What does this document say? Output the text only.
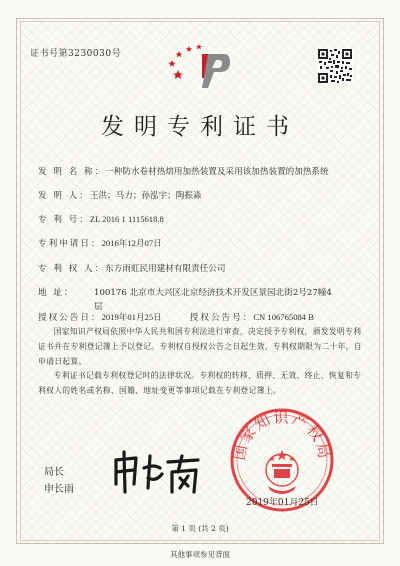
证书号第3230030号
发明专利证书
发 明 名 称：一种防水卷材热熔用加热装置及采用该加热装置的加热系统
发 明 人：王洪；马力；孙泓宇；陶振淼
专 利 号：ZL 2016 1 1115618.8
专利申请日：2016年12月07日
专 利 权 人：东方雨虹民用建材有限责任公司
地 址： 100176 北京市大兴区北京经济技术开发区景园北街2号27幢4层
授权公告日：2019年01月25日	授权公告号：CN 106765084 B
国家知识产权局依照中华人民共和国专利法进行审查，决定授予专利权，颁发发明专利证书并在专利登记簿上予以登记。专利权自授权公告之日起生效，专利权期限为二十年，自申请日起算。
专利证书记载专利权登记时的法律状况。专利权的转移、质押、无效、终止、恢复和专利权人的姓名或名称、国籍、地址变更等事项记载在专利登记簿上。
局长
申长雨
国家知识产权局
2019年01月25日
第 1 页 (共 2 页)
其他事项参见背面
